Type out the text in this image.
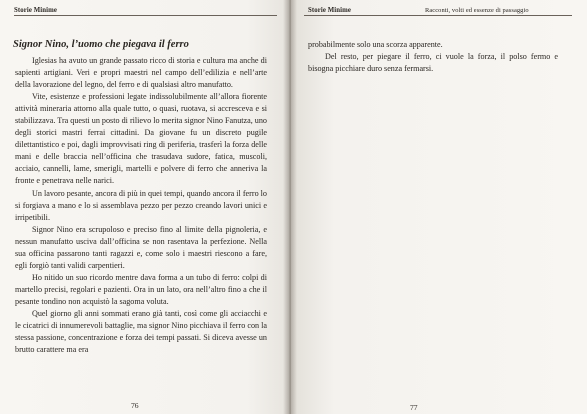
Storie Minime
Signor Nino, l’uomo che piegava il ferro

Iglesias ha avuto un grande passato ricco di storia e cultura ma anche di sapienti artigiani. Veri e propri maestri nel campo dell’edilizia e nell’arte della lavorazione del legno, del ferro e di qualsiasi altro manufatto.

Vite, esistenze e professioni legate indissolubilmente all’allora fiorente attività mineraria attorno alla quale tutto, o quasi, ruotava, si accresceva e si stabilizzava. Tra questi un posto di rilievo lo merita signor Nino Fanutza, uno degli storici mastri ferrai cittadini. Da giovane fu un discreto pugile dilettantistico e poi, dagli improvvisati ring di periferia, trasferì la forza delle mani e delle braccia nell’officina che trasudava sudore, fatica, muscoli, acciaio, cannelli, lame, smerigli, martelli e polvere di ferro che anneriva la fronte e penetrava nelle narici.

Un lavoro pesante, ancora di più in quei tempi, quando ancora il ferro lo si forgiava a mano e lo si assemblava pezzo per pezzo creando lavori unici e irripetibili.

Signor Nino era scrupoloso e preciso fino al limite della pignoleria, e nessun manufatto usciva dall’officina se non rasentava la perfezione. Nella sua officina passarono tanti ragazzi e, come solo i maestri riescono a fare, egli forgiò tanti validi carpentieri.

Ho nitido un suo ricordo mentre dava forma a un tubo di ferro: colpi di martello precisi, regolari e pazienti. Ora in un lato, ora nell’altro fino a che il pesante tondino non acquistò la sagoma voluta.

Quel giorno gli anni sommati erano già tanti, così come gli acciacchi e le cicatrici di innumerevoli battaglie, ma signor Nino picchiava il ferro con la stessa passione, concentrazione e forza dei tempi passati. Si diceva avesse un brutto carattere ma era

76
Storie Minime	Racconti, volti ed essenze di passaggio

probabilmente solo una scorza apparente.

Del resto, per piegare il ferro, ci vuole la forza, il polso fermo e bisogna picchiare duro senza fermarsi.

77
